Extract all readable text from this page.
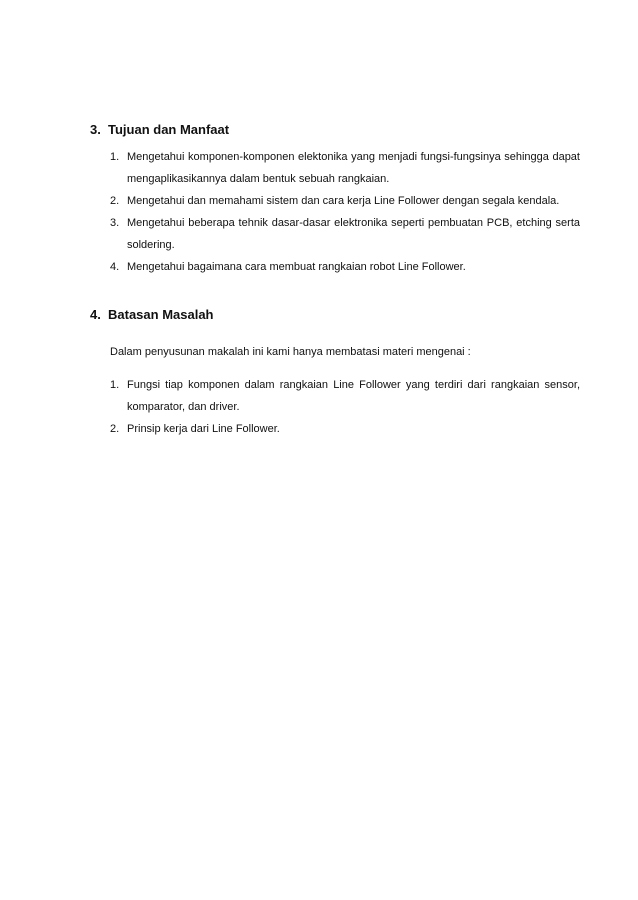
3. Tujuan dan Manfaat
1. Mengetahui komponen-komponen elektonika yang menjadi fungsi-fungsinya sehingga dapat mengaplikasikannya dalam bentuk sebuah rangkaian.
2. Mengetahui dan memahami sistem dan cara kerja Line Follower dengan segala kendala.
3. Mengetahui beberapa tehnik dasar-dasar elektronika seperti pembuatan PCB, etching serta soldering.
4. Mengetahui bagaimana cara membuat rangkaian robot Line Follower.
4. Batasan Masalah

Dalam penyusunan makalah ini kami hanya membatasi materi mengenai :

1. Fungsi tiap komponen dalam rangkaian Line Follower yang terdiri dari rangkaian sensor, komparator, dan driver.
2. Prinsip kerja dari Line Follower.
